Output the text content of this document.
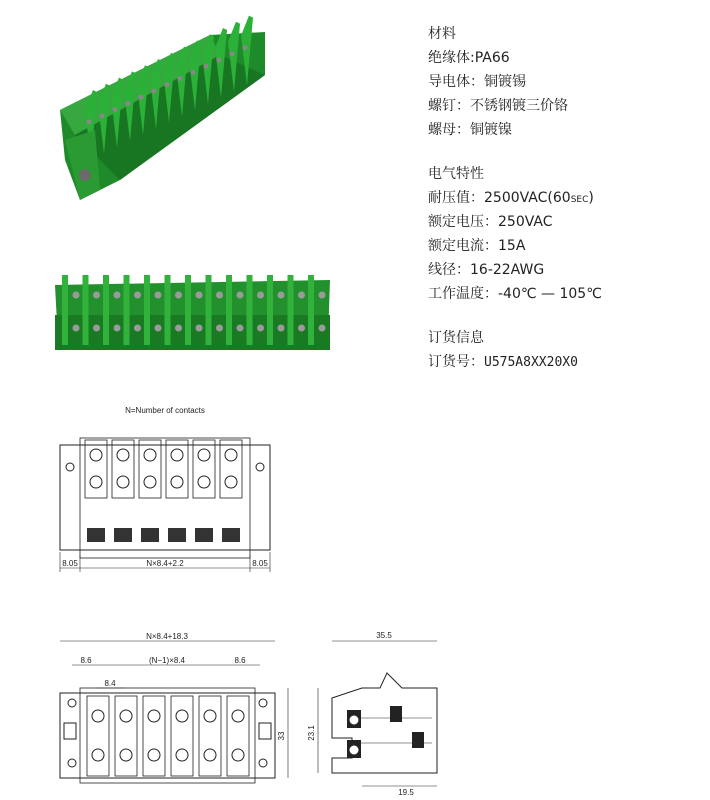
材料
绝缘体:PA66
导电体：铜镀锡
螺钉：不锈钢镀三价铬
螺母：铜镀镍
电气特性
耐压值：2500VAC(60SEC)
额定电压：250VAC
额定电流：15A
线径：16-22AWG
工作温度：-40℃ — 105℃
订货信息
订货号：U575A8XX20X0
N=Number of contacts
8.05	N×8.4+2.2	8.05
N×8.4+18.3
8.6	(N−1)×8.4	8.6
8.4
33
35.5
23.1
19.5
